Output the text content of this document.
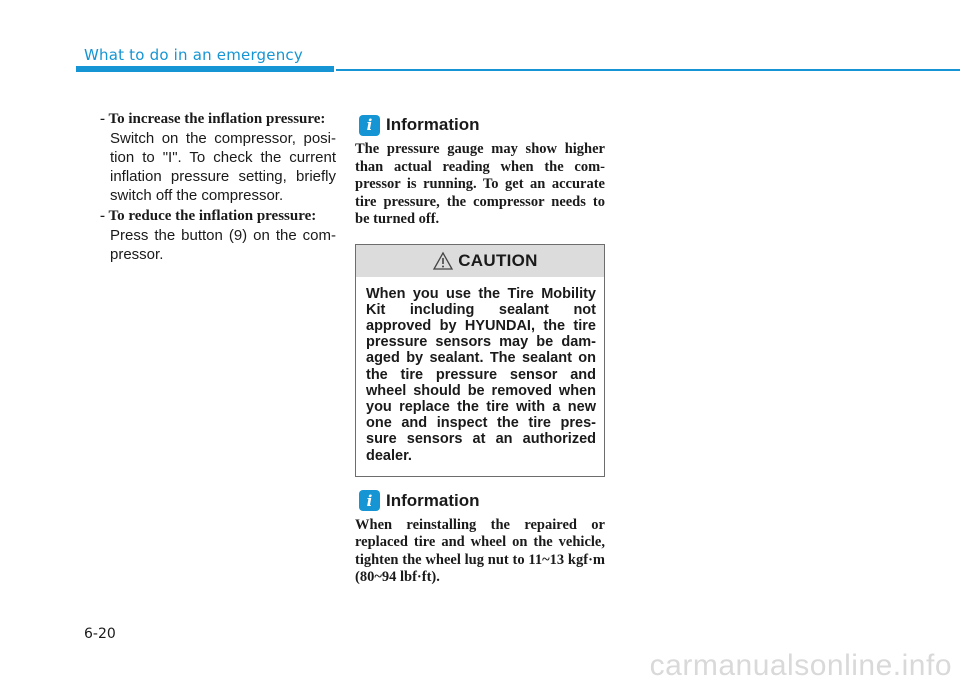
What to do in an emergency
- To increase the inflation pressure:
Switch on the compressor, posi-tion to "I". To check the current inflation pressure setting, briefly switch off the compressor.
- To reduce the inflation pressure:
Press the button (9) on the com-pressor.
i Information
The pressure gauge may show higher than actual reading when the com-pressor is running. To get an accurate tire pressure, the compressor needs to be turned off.
CAUTION
When you use the Tire Mobility Kit including sealant not approved by HYUNDAI, the tire pressure sensors may be dam-aged by sealant. The sealant on the tire pressure sensor and wheel should be removed when you replace the tire with a new one and inspect the tire pres-sure sensors at an authorized dealer.
i Information
When reinstalling the repaired or replaced tire and wheel on the vehicle, tighten the wheel lug nut to 11~13 kgf·m (80~94 lbf·ft).
6-20
carmanualsonline.info
